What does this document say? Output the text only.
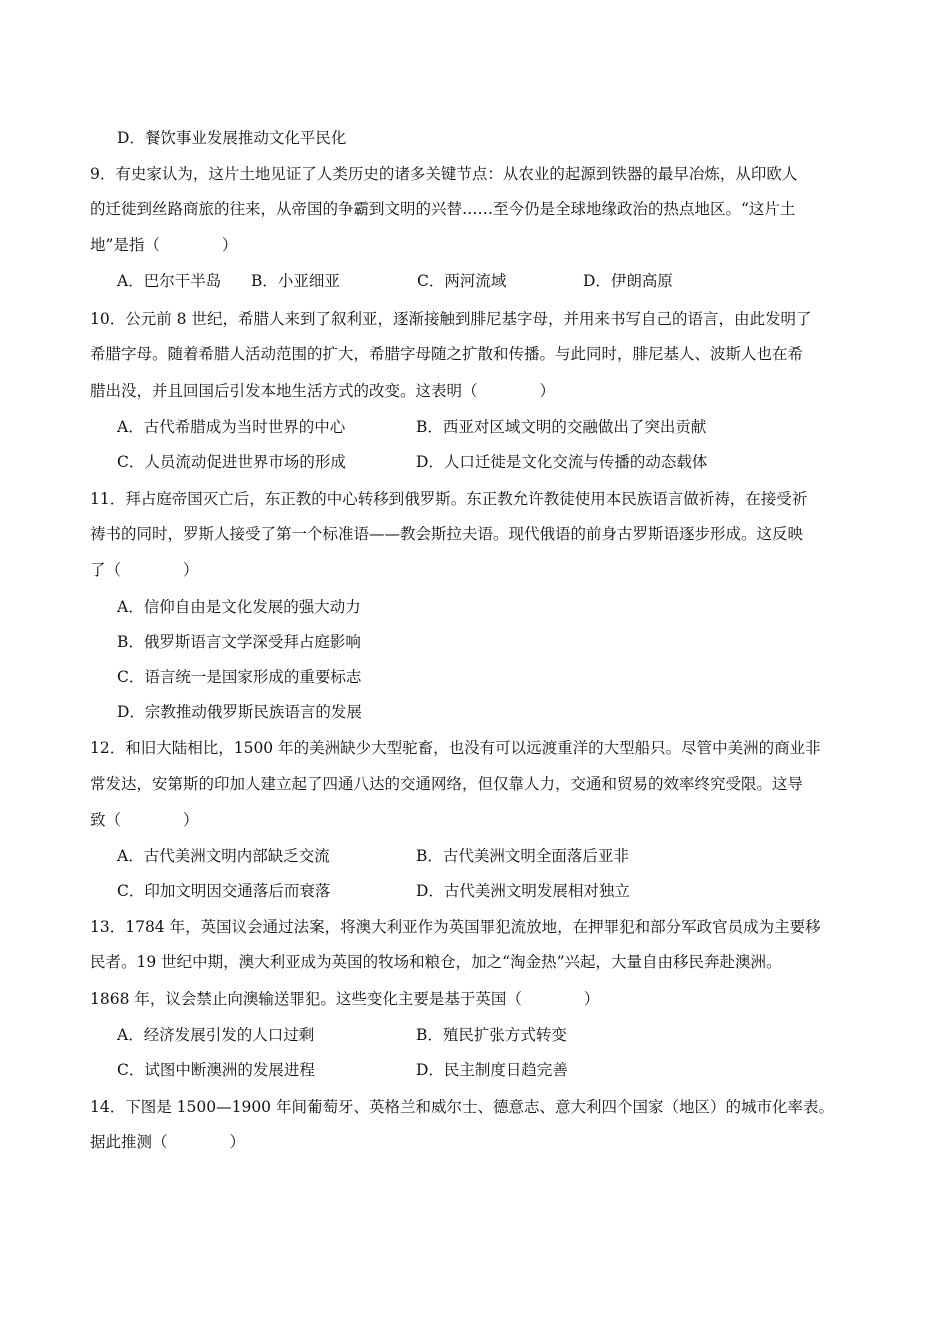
D．餐饮事业发展推动文化平民化
9．有史家认为，这片土地见证了人类历史的诸多关键节点：从农业的起源到铁器的最早冶炼，从印欧人
的迁徙到丝路商旅的往来，从帝国的争霸到文明的兴替……至今仍是全球地缘政治的热点地区。“这片土
地”是指（　　　　）
A．巴尔干半岛 B．小亚细亚	C．两河流域	D．伊朗高原
10．公元前 8 世纪，希腊人来到了叙利亚，逐渐接触到腓尼基字母，并用来书写自己的语言，由此发明了
希腊字母。随着希腊人活动范围的扩大，希腊字母随之扩散和传播。与此同时，腓尼基人、波斯人也在希
腊出没，并且回国后引发本地生活方式的改变。这表明（　　　　）
A．古代希腊成为当时世界的中心	B．西亚对区域文明的交融做出了突出贡献
C．人员流动促进世界市场的形成	D．人口迁徙是文化交流与传播的动态载体
11．拜占庭帝国灭亡后，东正教的中心转移到俄罗斯。东正教允许教徒使用本民族语言做祈祷，在接受祈
祷书的同时，罗斯人接受了第一个标准语——教会斯拉夫语。现代俄语的前身古罗斯语逐步形成。这反映
了（　　　　）
A．信仰自由是文化发展的强大动力
B．俄罗斯语言文学深受拜占庭影响
C．语言统一是国家形成的重要标志
D．宗教推动俄罗斯民族语言的发展
12．和旧大陆相比，1500 年的美洲缺少大型驼畜，也没有可以远渡重洋的大型船只。尽管中美洲的商业非
常发达，安第斯的印加人建立起了四通八达的交通网络，但仅靠人力，交通和贸易的效率终究受限。这导
致（　　　　）
A．古代美洲文明内部缺乏交流	B．古代美洲文明全面落后亚非
C．印加文明因交通落后而衰落	D．古代美洲文明发展相对独立
13．1784 年，英国议会通过法案，将澳大利亚作为英国罪犯流放地，在押罪犯和部分军政官员成为主要移
民者。19 世纪中期，澳大利亚成为英国的牧场和粮仓，加之“淘金热”兴起，大量自由移民奔赴澳洲。
1868 年，议会禁止向澳输送罪犯。这些变化主要是基于英国（　　　　）
A．经济发展引发的人口过剩	B．殖民扩张方式转变
C．试图中断澳洲的发展进程	D．民主制度日趋完善
14．下图是 1500—1900 年间葡萄牙、英格兰和威尔士、德意志、意大利四个国家（地区）的城市化率表。
据此推测（　　　　）
